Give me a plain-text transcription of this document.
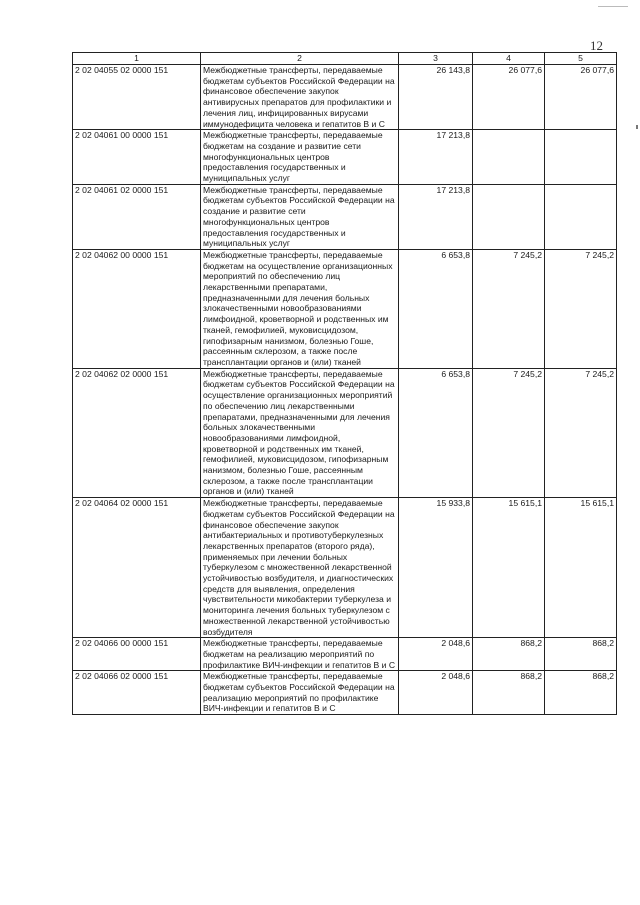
12
1	2	3	4	5
2 02 04055 02 0000 151	Межбюджетные трансферты, передаваемые бюджетам субъектов Российской Федерации на финансовое обеспечение закупок антивирусных препаратов для профилактики и лечения лиц, инфицированных вирусами иммунодефицита человека и гепатитов В и С	26 143,8	26 077,6	26 077,6
2 02 04061 00 0000 151	Межбюджетные трансферты, передаваемые бюджетам на создание и развитие сети многофункциональных центров предоставления государственных и муниципальных услуг	17 213,8		
2 02 04061 02 0000 151	Межбюджетные трансферты, передаваемые бюджетам субъектов Российской Федерации на создание и развитие сети многофункциональных центров предоставления государственных и муниципальных услуг	17 213,8		
2 02 04062 00 0000 151	Межбюджетные трансферты, передаваемые бюджетам на осуществление организационных мероприятий по обеспечению лиц лекарственными препаратами, предназначенными для лечения больных злокачественными новообразованиями лимфоидной, кроветворной и родственных им тканей, гемофилией, муковисцидозом, гипофизарным нанизмом, болезнью Гоше, рассеянным склерозом, а также после трансплантации органов и (или) тканей	6 653,8	7 245,2	7 245,2
2 02 04062 02 0000 151	Межбюджетные трансферты, передаваемые бюджетам субъектов Российской Федерации на осуществление организационных мероприятий по обеспечению лиц лекарственными препаратами, предназначенными для лечения больных злокачественными новообразованиями лимфоидной, кроветворной и родственных им тканей, гемофилией, муковисцидозом, гипофизарным нанизмом, болезнью Гоше, рассеянным склерозом, а также после трансплантации органов и (или) тканей	6 653,8	7 245,2	7 245,2
2 02 04064 02 0000 151	Межбюджетные трансферты, передаваемые бюджетам субъектов Российской Федерации на финансовое обеспечение закупок антибактериальных и противотуберкулезных лекарственных препаратов (второго ряда), применяемых при лечении больных туберкулезом с множественной лекарственной устойчивостью возбудителя, и диагностических средств для выявления, определения чувствительности микобактерии туберкулеза и мониторинга лечения больных туберкулезом с множественной лекарственной устойчивостью возбудителя	15 933,8	15 615,1	15 615,1
2 02 04066 00 0000 151	Межбюджетные трансферты, передаваемые бюджетам на реализацию мероприятий по профилактике ВИЧ-инфекции и гепатитов В и С	2 048,6	868,2	868,2
2 02 04066 02 0000 151	Межбюджетные трансферты, передаваемые бюджетам субъектов Российской Федерации на реализацию мероприятий по профилактике ВИЧ-инфекции и гепатитов В и С	2 048,6	868,2	868,2
